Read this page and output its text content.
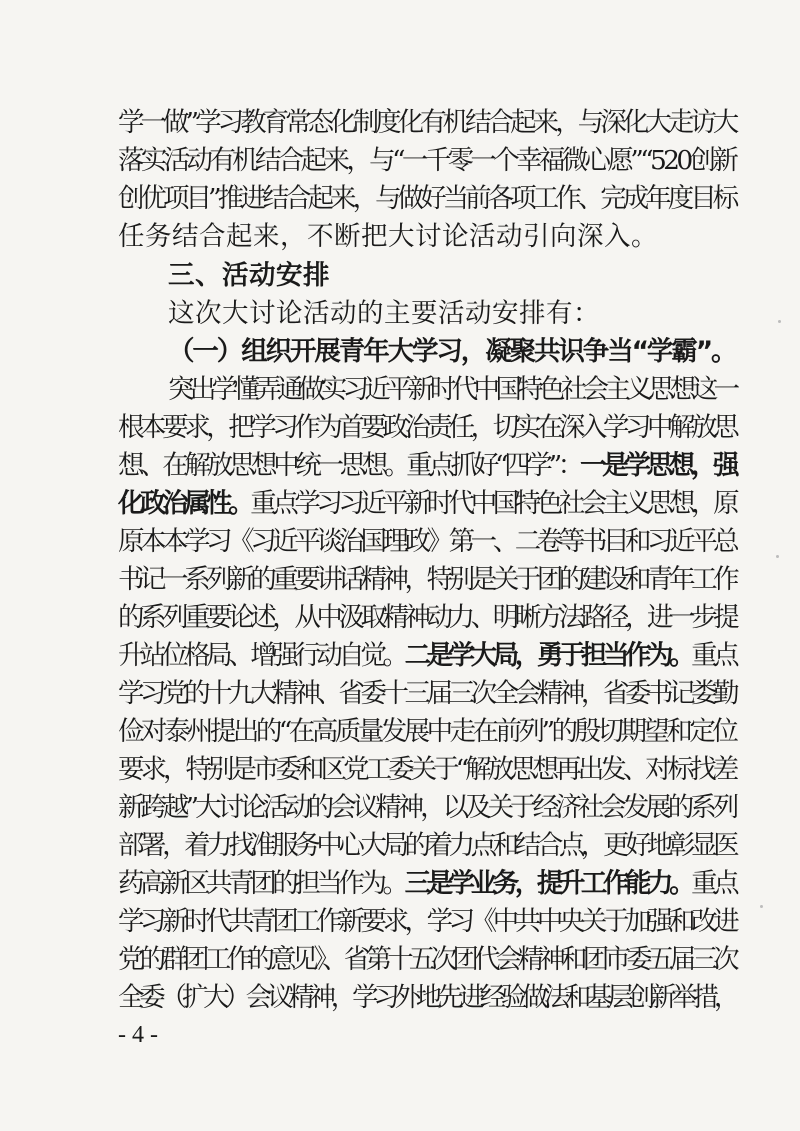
学一做”学习教育常态化制度化有机结合起来，与深化大走访大
落实活动有机结合起来，与“一千零一个幸福微心愿”“520创新
创优项目”推进结合起来，与做好当前各项工作、完成年度目标
任务结合起来，不断把大讨论活动引向深入。
三、活动安排
这次大讨论活动的主要活动安排有：
（一）组织开展青年大学习，凝聚共识争当“学霸”。
突出学懂弄通做实习近平新时代中国特色社会主义思想这一
根本要求，把学习作为首要政治责任，切实在深入学习中解放思
想、在解放思想中统一思想。重点抓好“四学”：一是学思想，强
化政治属性。重点学习习近平新时代中国特色社会主义思想，原
原本本学习《习近平谈治国理政》第一、二卷等书目和习近平总
书记一系列新的重要讲话精神，特别是关于团的建设和青年工作
的系列重要论述，从中汲取精神动力、明晰方法路径，进一步提
升站位格局、增强行动自觉。二是学大局，勇于担当作为。重点
学习党的十九大精神、省委十三届三次全会精神，省委书记娄勤
俭对泰州提出的“在高质量发展中走在前列”的殷切期望和定位
要求，特别是市委和区党工委关于“解放思想再出发、对标找差
新跨越”大讨论活动的会议精神，以及关于经济社会发展的系列
部署，着力找准服务中心大局的着力点和结合点，更好地彰显医
药高新区共青团的担当作为。三是学业务，提升工作能力。重点
学习新时代共青团工作新要求，学习《中共中央关于加强和改进
党的群团工作的意见》、省第十五次团代会精神和团市委五届三次
全委（扩大）会议精神，学习外地先进经验做法和基层创新举措，
- 4 -
